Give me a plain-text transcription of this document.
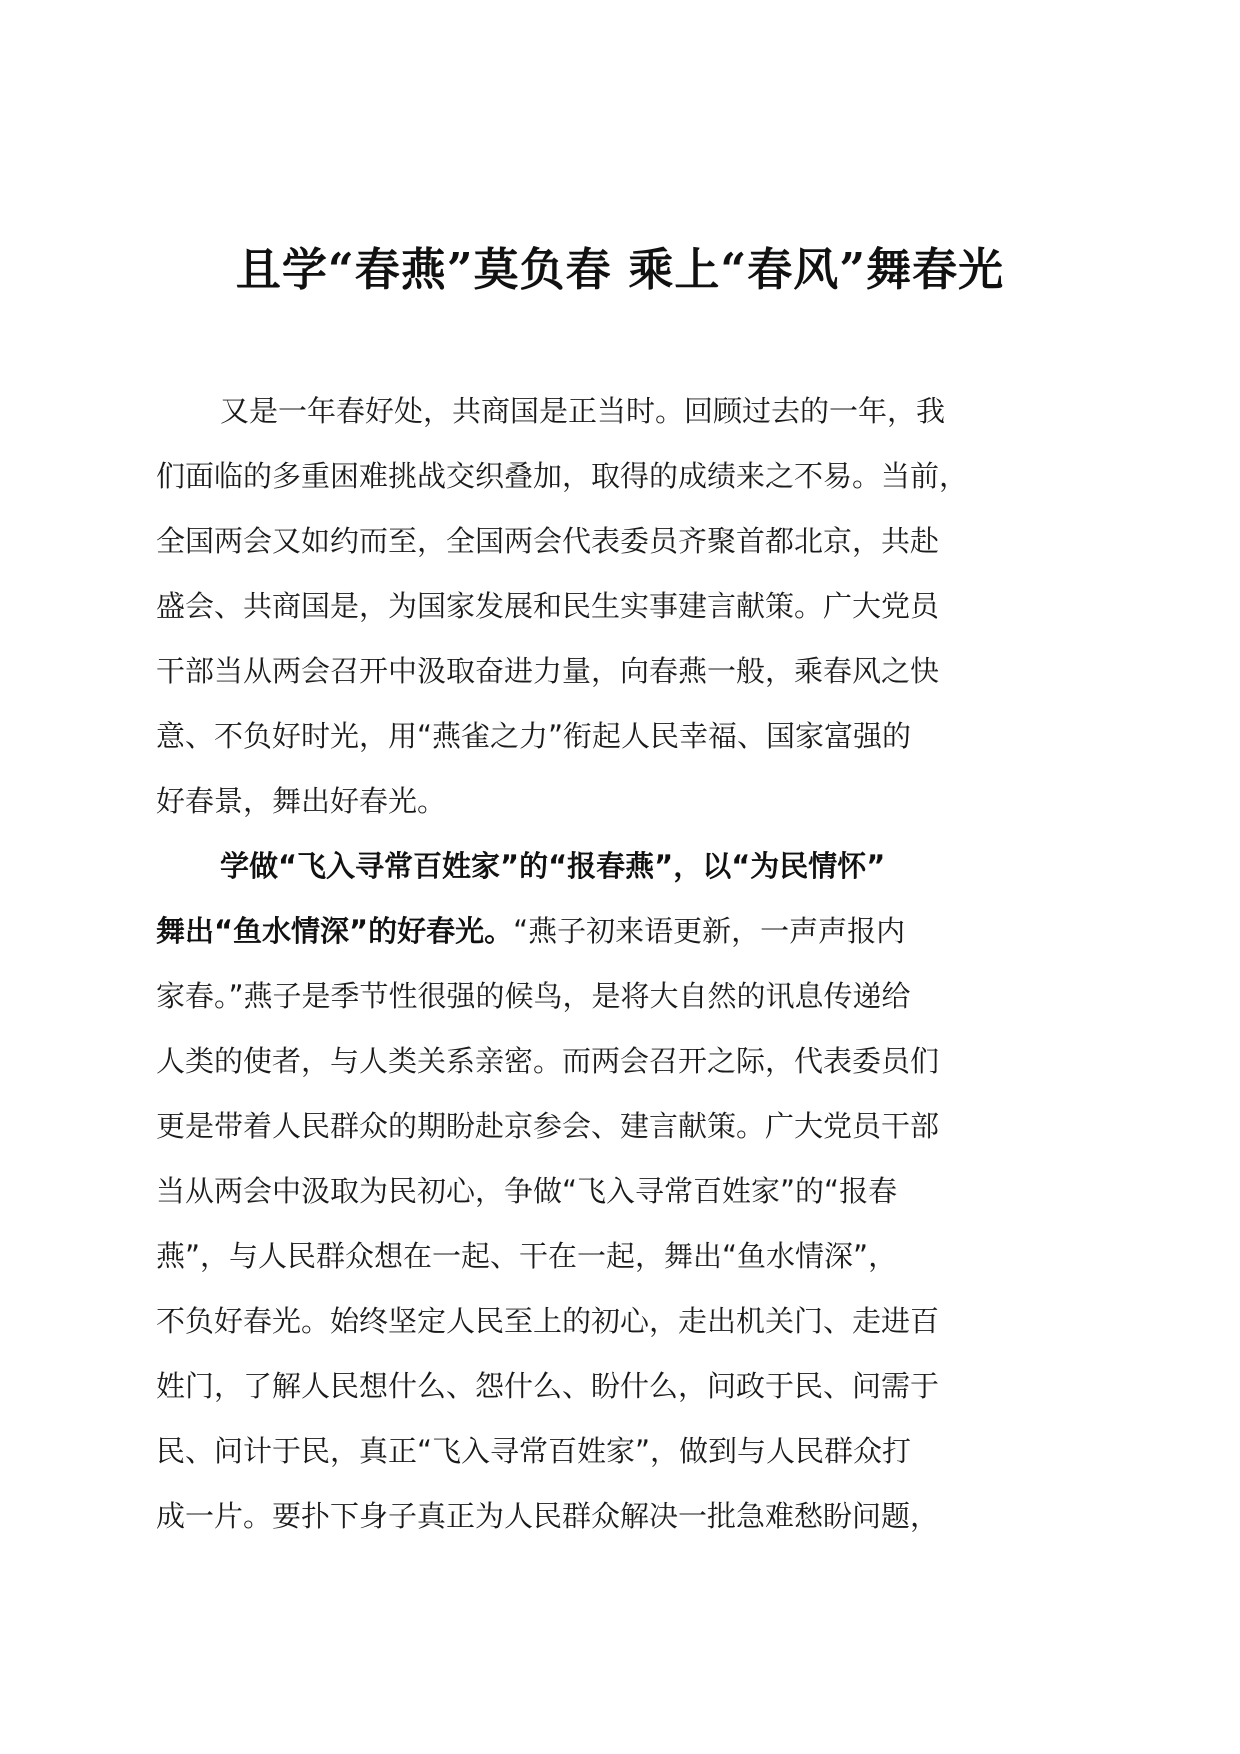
且学“春燕”莫负春 乘上“春风”舞春光
又是一年春好处，共商国是正当时。回顾过去的一年，我
们面临的多重困难挑战交织叠加，取得的成绩来之不易。当前，
全国两会又如约而至，全国两会代表委员齐聚首都北京，共赴
盛会、共商国是，为国家发展和民生实事建言献策。广大党员
干部当从两会召开中汲取奋进力量，向春燕一般，乘春风之快
意、不负好时光，用“燕雀之力”衔起人民幸福、国家富强的
好春景，舞出好春光。
学做“飞入寻常百姓家”的“报春燕”，以“为民情怀”
舞出“鱼水情深”的好春光。“燕子初来语更新，一声声报内
家春。”燕子是季节性很强的候鸟，是将大自然的讯息传递给
人类的使者，与人类关系亲密。而两会召开之际，代表委员们
更是带着人民群众的期盼赴京参会、建言献策。广大党员干部
当从两会中汲取为民初心，争做“飞入寻常百姓家”的“报春
燕”，与人民群众想在一起、干在一起，舞出“鱼水情深”，
不负好春光。始终坚定人民至上的初心，走出机关门、走进百
姓门，了解人民想什么、怨什么、盼什么，问政于民、问需于
民、问计于民，真正“飞入寻常百姓家”，做到与人民群众打
成一片。要扑下身子真正为人民群众解决一批急难愁盼问题，
